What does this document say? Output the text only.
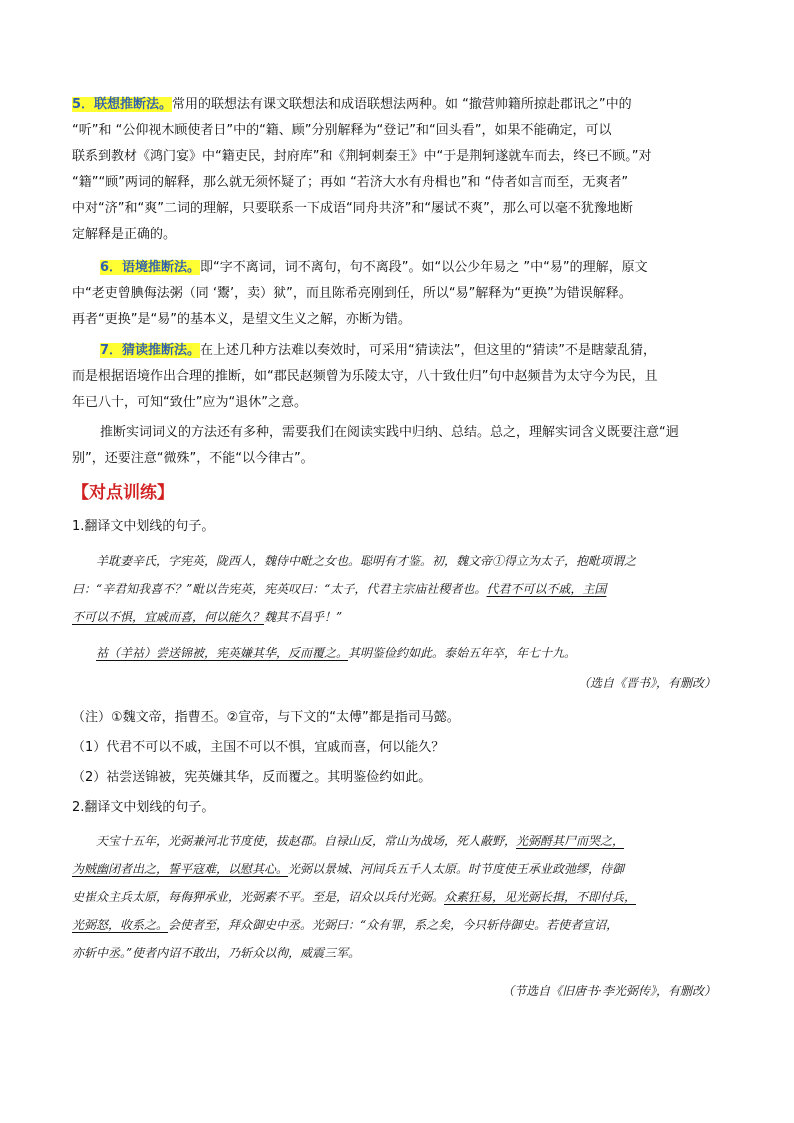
5．联想推断法。常用的联想法有课文联想法和成语联想法两种。如 “撤营帅籍所掠赴郡讯之”中的

“听”和 “公仰视木顾使者日”中的“籍、顾”分别解释为“登记”和“回头看”，如果不能确定，可以

联系到教材《鸿门宴》中“籍吏民，封府库”和《荆轲刺秦王》中“于是荆轲遂就车而去，终已不顾。”对

“籍”“顾”两词的解释，那么就无须怀疑了；再如 “若济大水有舟楫也”和 “侍者如言而至，无爽者”

中对“济”和“爽”二词的理解，只要联系一下成语“同舟共济”和“屡试不爽”，那么可以毫不犹豫地断

定解释是正确的。

6．语境推断法。即“字不离词，词不离句，句不离段”。如“以公少年易之 ”中“易”的理解，原文

中“老吏曾腆侮法粥（同 ‘鬻’，卖）狱”，而且陈希亮刚到任，所以“易”解释为“更换”为错误解释。

再者“更换”是“易”的基本义，是望文生义之解，亦断为错。

7．猜读推断法。在上述几种方法难以奏效时，可采用“猜读法”，但这里的“猜读”不是瞎蒙乱猜，

而是根据语境作出合理的推断，如“郡民赵频曾为乐陵太守，八十致仕归”句中赵频昔为太守今为民，且

年已八十，可知“致仕”应为“退休”之意。

推断实词词义的方法还有多种，需要我们在阅读实践中归纳、总结。总之，理解实词含义既要注意“迥

别”，还要注意“微殊”，不能“以今律古”。

【对点训练】

1.翻译文中划线的句子。

羊耽妻辛氏，字宪英，陇西人，魏侍中毗之女也。聪明有才鉴。初，魏文帝①得立为太子，抱毗项谓之

曰：“辛君知我喜不？”毗以告宪英，宪英叹曰：“太子，代君主宗庙社稷者也。代君不可以不戚，主国

不可以不惧，宜戚而喜，何以能久？魏其不昌乎！”

祜（羊祜）尝送锦被，宪英嫌其华，反而覆之。其明鉴俭约如此。泰始五年卒，年七十九。

（选自《晋书》，有删改）

（注）①魏文帝，指曹丕。②宣帝，与下文的“太傅”都是指司马懿。

（1）代君不可以不戚，主国不可以不惧，宜戚而喜，何以能久？

（2）祜尝送锦被，宪英嫌其华，反而覆之。其明鉴俭约如此。

2.翻译文中划线的句子。

天宝十五年，光弼兼河北节度使，拔赵郡。自禄山反，常山为战场，死人蔽野，光弼酹其尸而哭之，

为贼幽闭者出之，誓平寇难，以慰其心。光弼以景城、河间兵五千人太原。时节度使王承业政弛缪，侍御

史崔众主兵太原，每侮狎承业，光弼素不平。至是，诏众以兵付光弼。众素狂易，见光弼长揖，不即付兵，

光弼怒，收系之。会使者至，拜众御史中丞。光弼曰：“众有罪，系之矣，今只斩侍御史。若使者宣诏，

亦斩中丞。”使者内诏不敢出，乃斩众以徇，威震三军。

（节选自《旧唐书·李光弼传》，有删改）
